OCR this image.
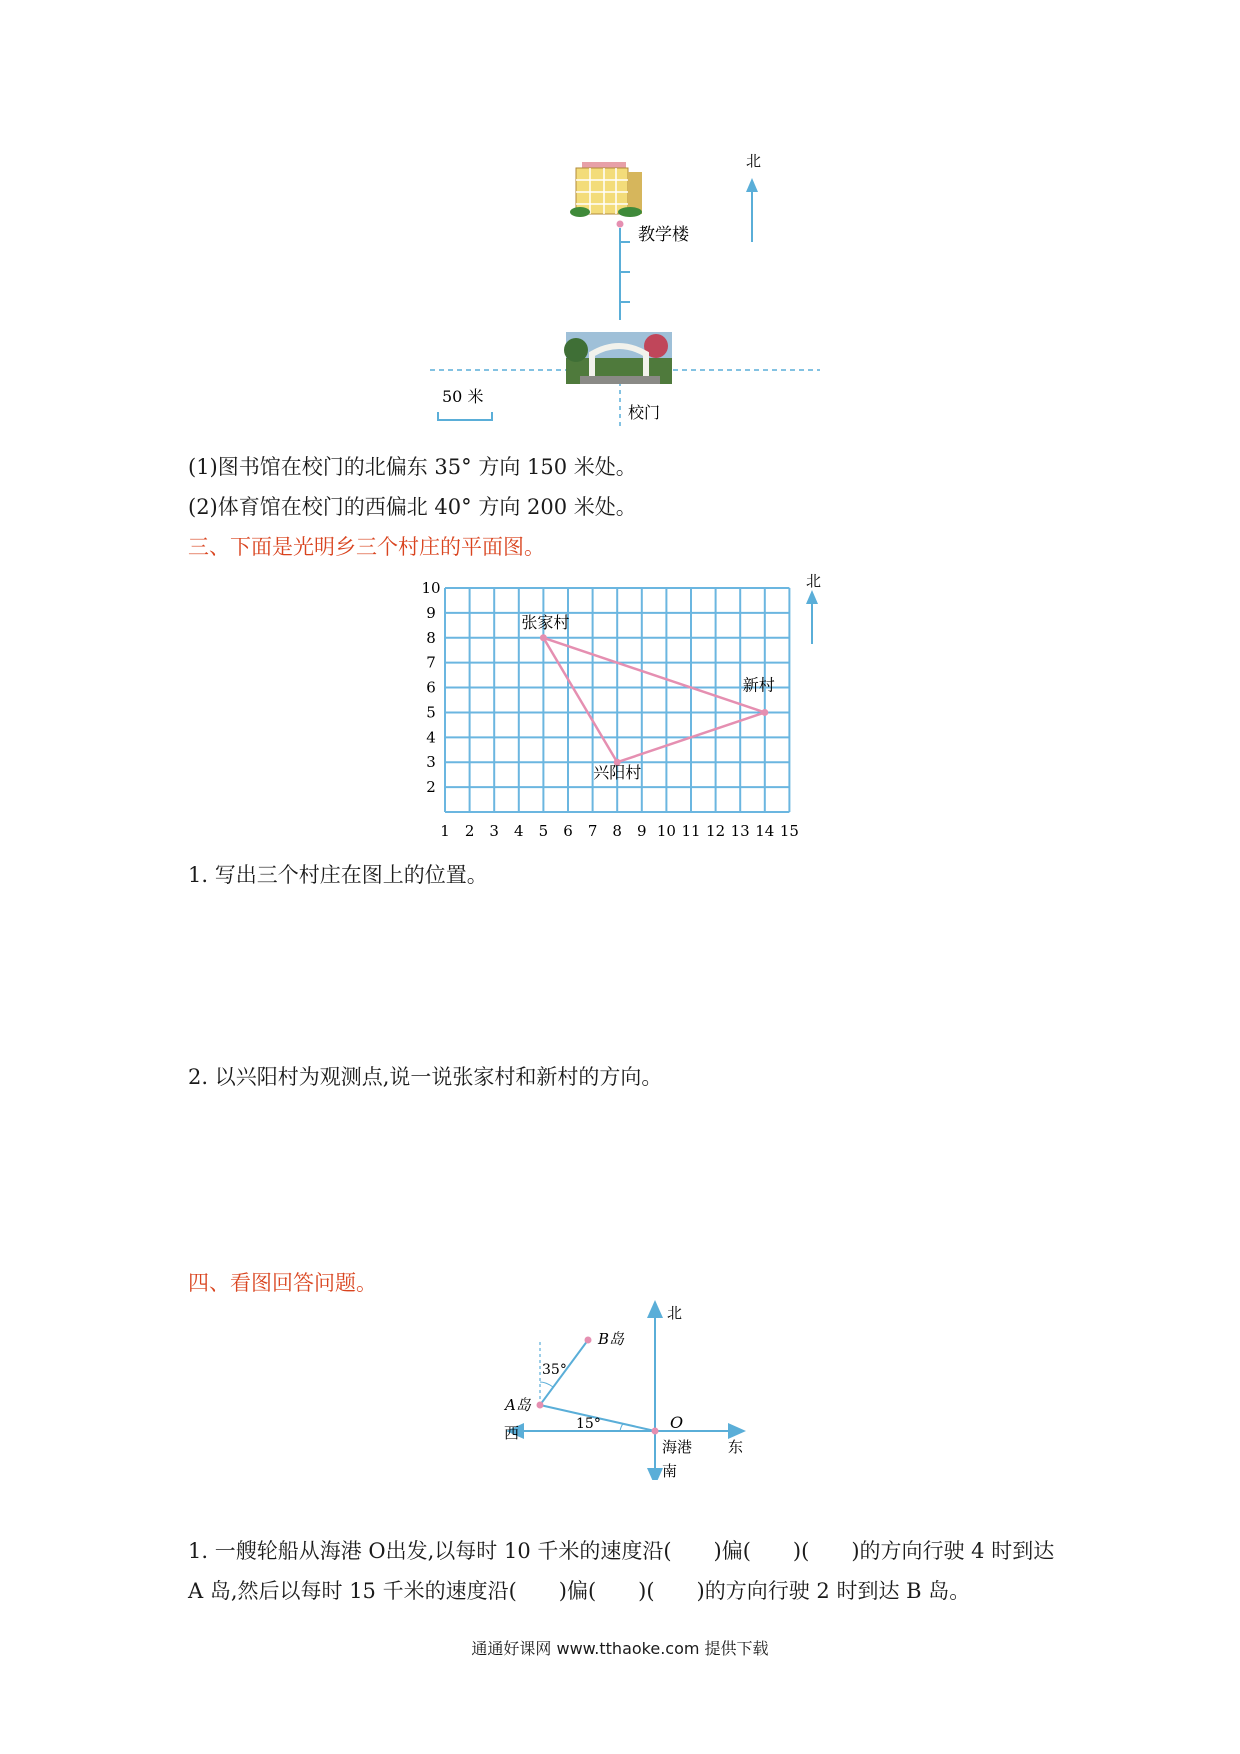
北
教学楼
校门
50 米
(1)图书馆在校门的北偏东 35° 方向 150 米处。
(2)体育馆在校门的西偏北 40° 方向 200 米处。
三、下面是光明乡三个村庄的平面图。
1 2 3 4 5 6 7 8 9 10 11 12 13 14 15
2
3
4
5
6
7
8
9
10
张家村
新村
兴阳村
北
1. 写出三个村庄在图上的位置。
2. 以兴阳村为观测点,说一说张家村和新村的方向。
四、看图回答问题。
北
南
东
西
O
海港
A岛
B岛
35°
15°
1. 一艘轮船从海港 O出发,以每时 10 千米的速度沿(　　)偏(　　)(　　)的方向行驶 4 时到达
A 岛,然后以每时 15 千米的速度沿(　　)偏(　　)(　　)的方向行驶 2 时到达 B 岛。
通通好课网 www.tthaoke.com 提供下载
